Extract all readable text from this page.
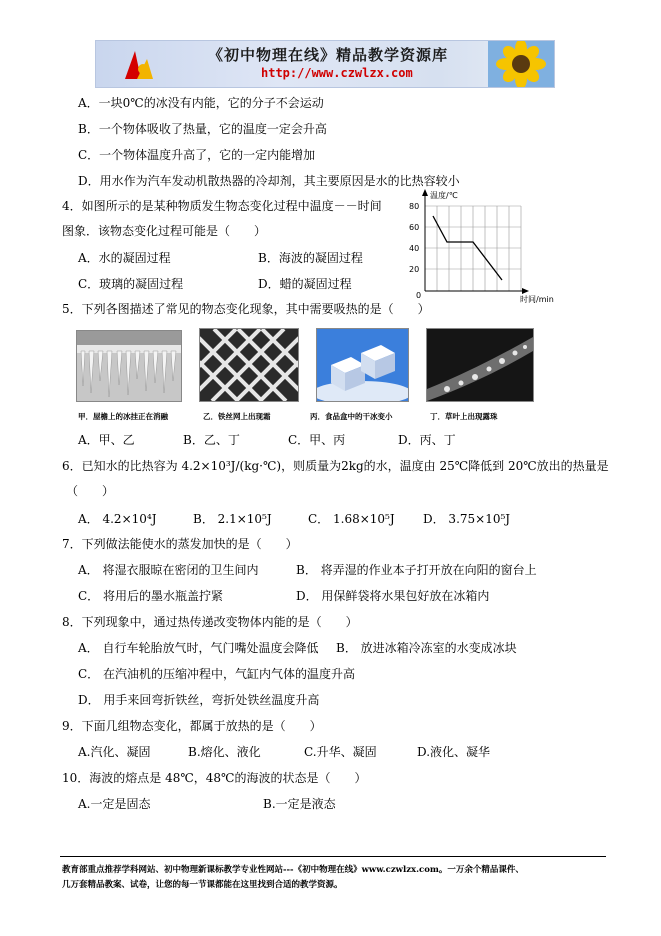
《初中物理在线》精品教学资源库
http://www.czwlzx.com
A．一块0℃的冰没有内能，它的分子不会运动
B．一个物体吸收了热量，它的温度一定会升高
C．一个物体温度升高了，它的一定内能增加
D．用水作为汽车发动机散热器的冷却剂，其主要原因是水的比热容较小
4．如图所示的是某种物质发生物态变化过程中温度－－时间
图象．该物态变化过程可能是（　　）
A．水的凝固过程	B．海波的凝固过程
C．玻璃的凝固过程	D．蜡的凝固过程
温度/℃
80
60
40
20
0	时间/min
5．下列各图描述了常见的物态变化现象，其中需要吸热的是（　　）
甲．屋檐上的冰挂正在消融	乙．铁丝网上出现霜	丙．食品盒中的干冰变小	丁．草叶上出现露珠
A．甲、乙	B．乙、丁	C．甲、丙	D．丙、丁
6．已知水的比热容为 4.2×10³J/(kg·℃)，则质量为2kg的水，温度由 25℃降低到 20℃放出的热量是
（　　）
A． 4.2×10⁴J	B． 2.1×10⁵J	C． 1.68×10⁵J D． 3.75×10⁵J
7．下列做法能使水的蒸发加快的是（　　）
A． 将湿衣服晾在密闭的卫生间内	B． 将弄湿的作业本子打开放在向阳的窗台上
C． 将用后的墨水瓶盖拧紧	D． 用保鲜袋将水果包好放在冰箱内
8．下列现象中，通过热传递改变物体内能的是（　　）
A． 自行车轮胎放气时，气门嘴处温度会降低 B． 放进冰箱冷冻室的水变成冰块
C． 在汽油机的压缩冲程中，气缸内气体的温度升高
D． 用手来回弯折铁丝，弯折处铁丝温度升高
9．下面几组物态变化，都属于放热的是（　　）
A.汽化、凝固	B.熔化、液化	C.升华、凝固	D.液化、凝华
10．海波的熔点是 48℃，48℃的海波的状态是（　　）
A.一定是固态	B.一定是液态
教育部重点推荐学科网站、初中物理新课标教学专业性网站---《初中物理在线》www.czwlzx.com。一万余个精品课件、
几万套精品教案、试卷，让您的每一节课都能在这里找到合适的教学资源。
